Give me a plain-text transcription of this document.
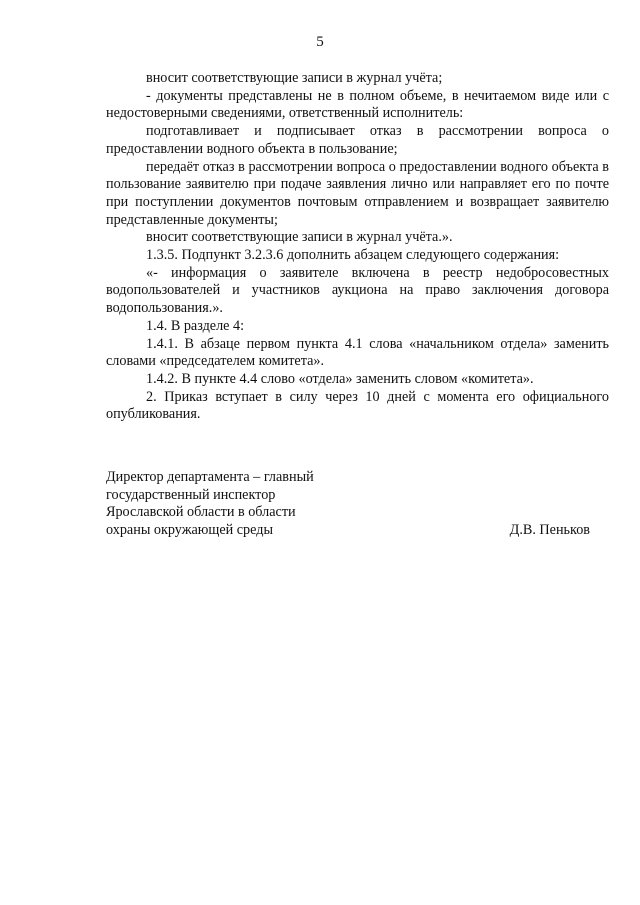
5

вносит соответствующие записи в журнал учёта;

- документы представлены не в полном объеме, в нечитаемом виде или с недостоверными сведениями, ответственный исполнитель:

подготавливает и подписывает отказ в рассмотрении вопроса о предоставлении водного объекта в пользование;

передаёт отказ в рассмотрении вопроса о предоставлении водного объекта в пользование заявителю при подаче заявления лично или направляет его по почте при поступлении документов почтовым отправлением и возвращает заявителю представленные документы;

вносит соответствующие записи в журнал учёта.».

1.3.5. Подпункт 3.2.3.6 дополнить абзацем следующего содержания:

«- информация о заявителе включена в реестр недобросовестных водопользователей и участников аукциона на право заключения договора водопользования.».

1.4. В разделе 4:

1.4.1. В абзаце первом пункта 4.1 слова «начальником отдела» заменить словами «председателем комитета».

1.4.2. В пункте 4.4 слово «отдела» заменить словом «комитета».

2. Приказ вступает в силу через 10 дней с момента его официального опубликования.

Директор департамента – главный
государственный инспектор
Ярославской области в области
охраны окружающей среды	Д.В. Пеньков
